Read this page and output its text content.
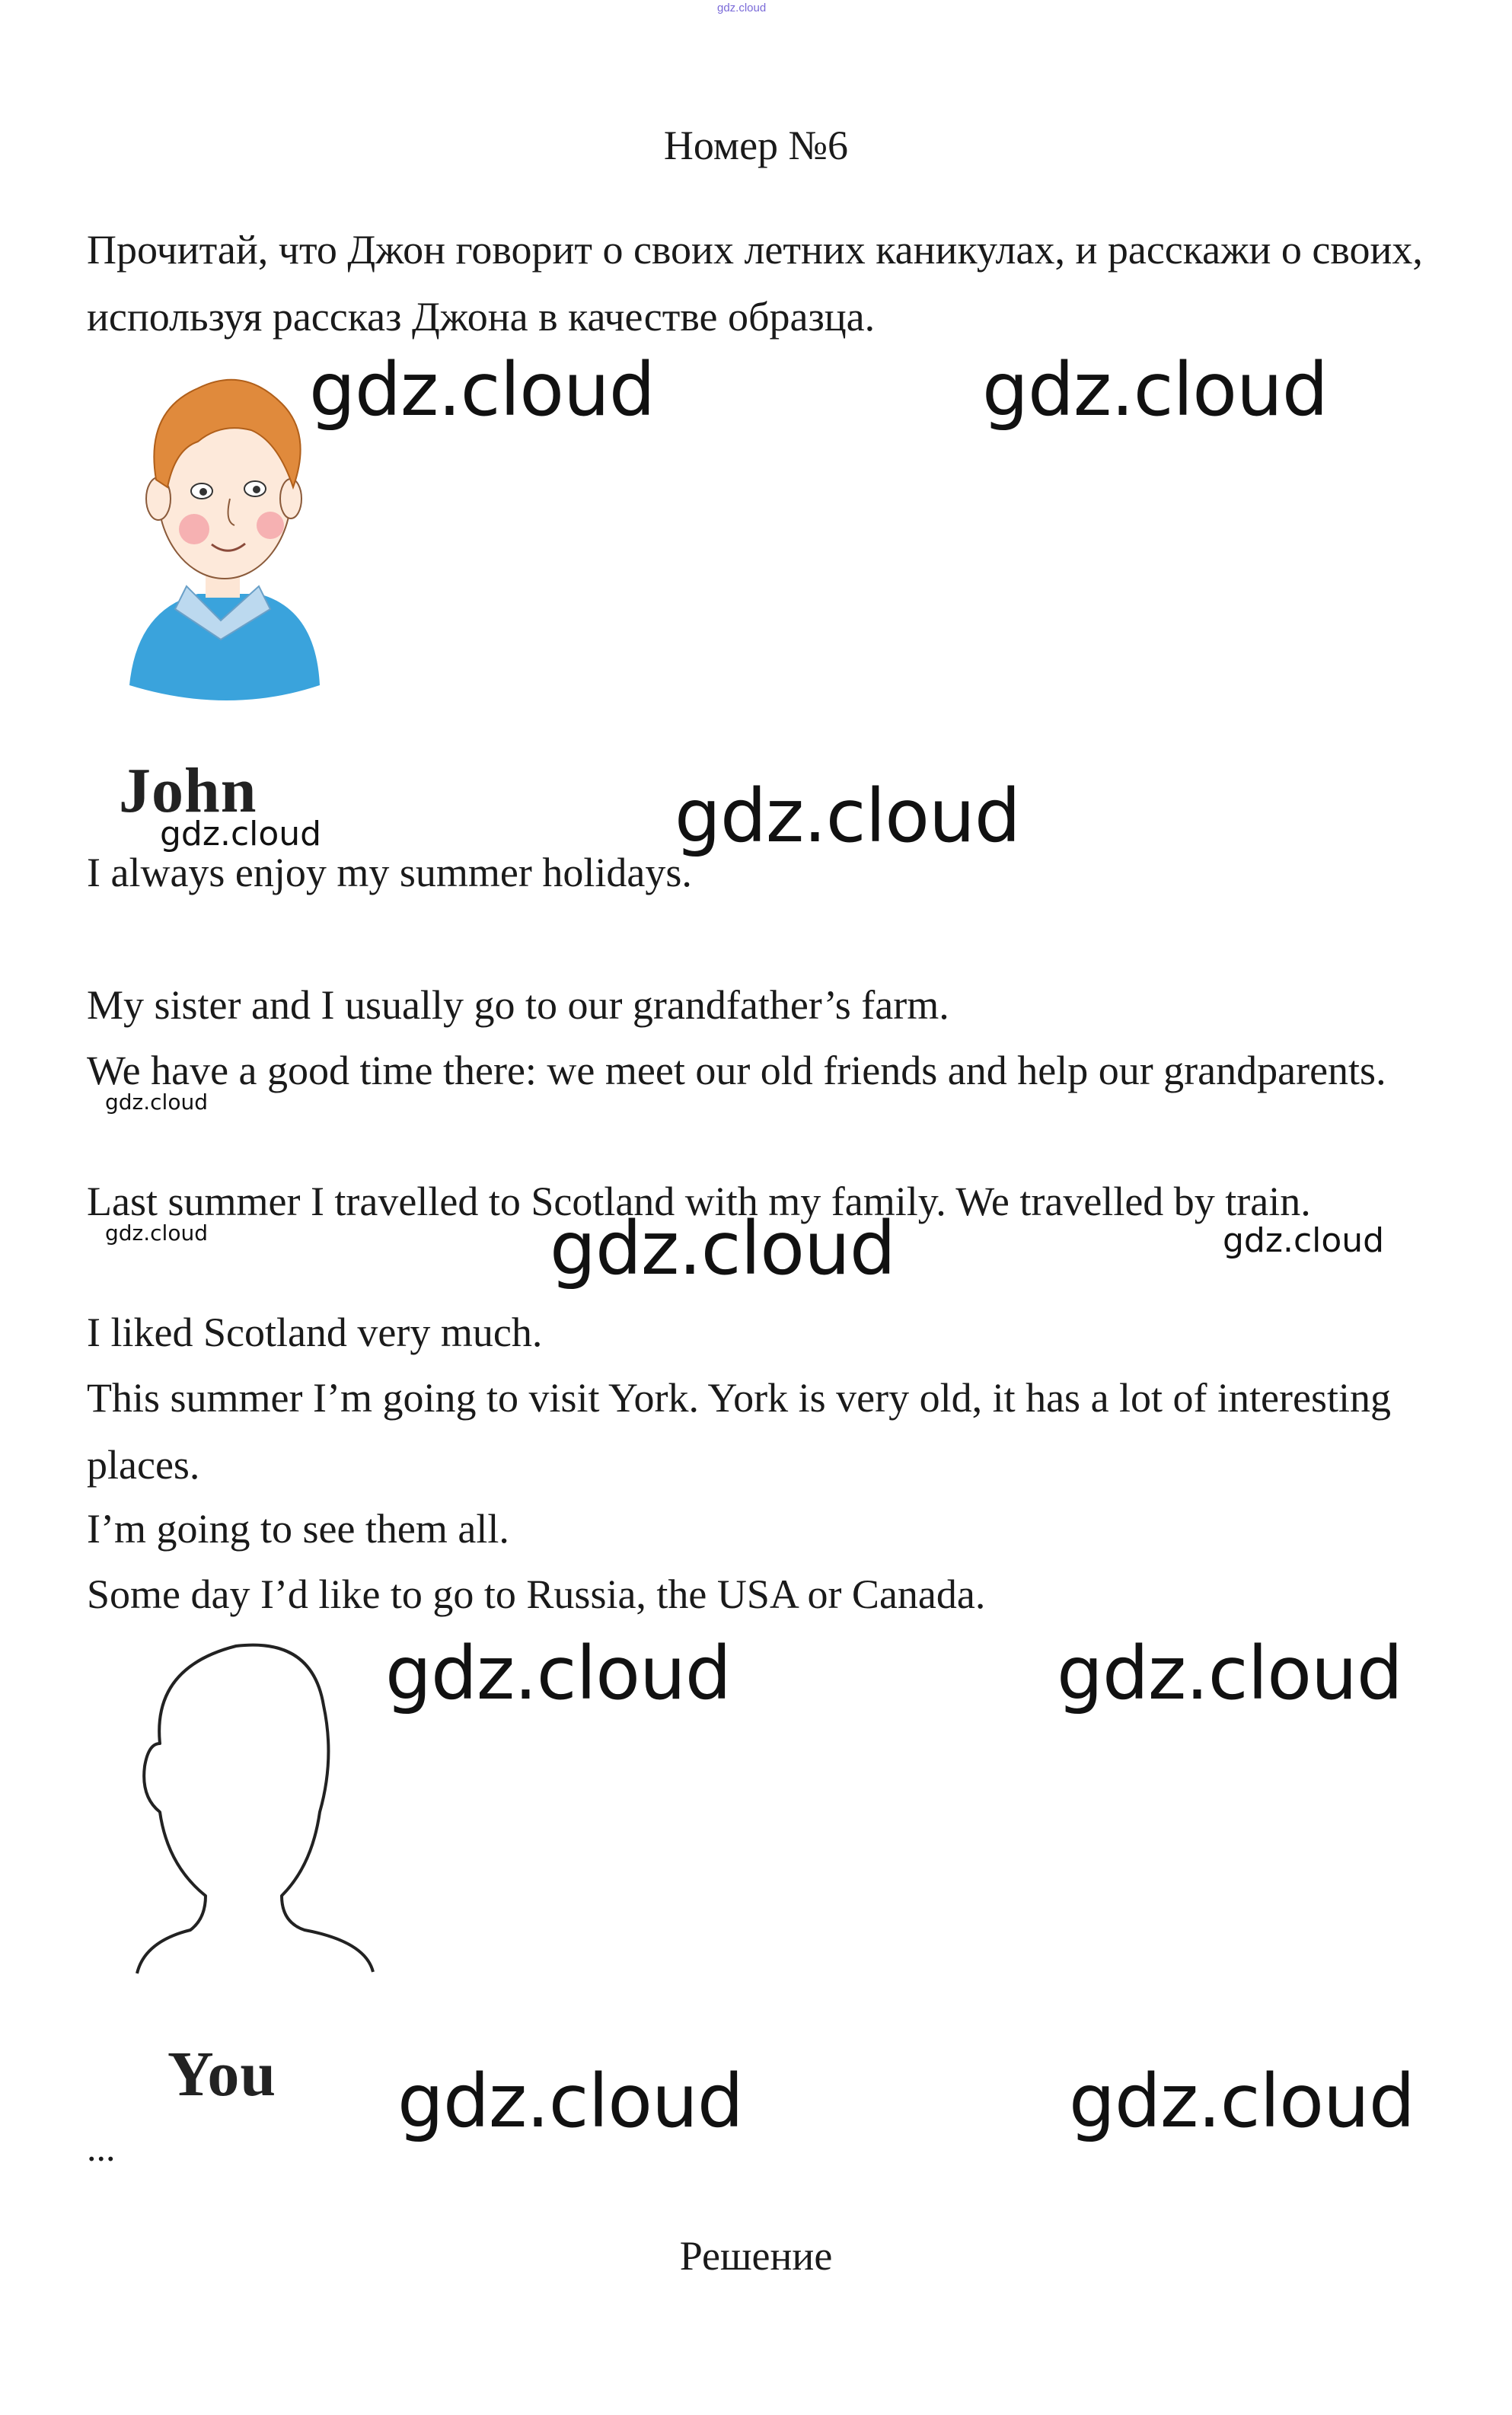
gdz.cloud
Номер №6

Прочитай, что Джон говорит о своих летних каникулах, и расскажи о своих, используя рассказ Джона в качестве образца.

John
gdz.cloud	gdz.cloud
gdz.cloud
gdz.cloud

I always enjoy my summer holidays.

My sister and I usually go to our grandfather’s farm.

We have a good time there: we meet our old friends and help our grandparents.

Last summer I travelled to Scotland with my family. We travelled by train.

I liked Scotland very much.

This summer I’m going to visit York. York is very old, it has a lot of interesting places.

I’m going to see them all.

Some day I’d like to go to Russia, the USA or Canada.

gdz.cloud
gdz.cloud	gdz.cloud	gdz.cloud
gdz.cloud	gdz.cloud
You gdz.cloud	gdz.cloud
...
Решение
